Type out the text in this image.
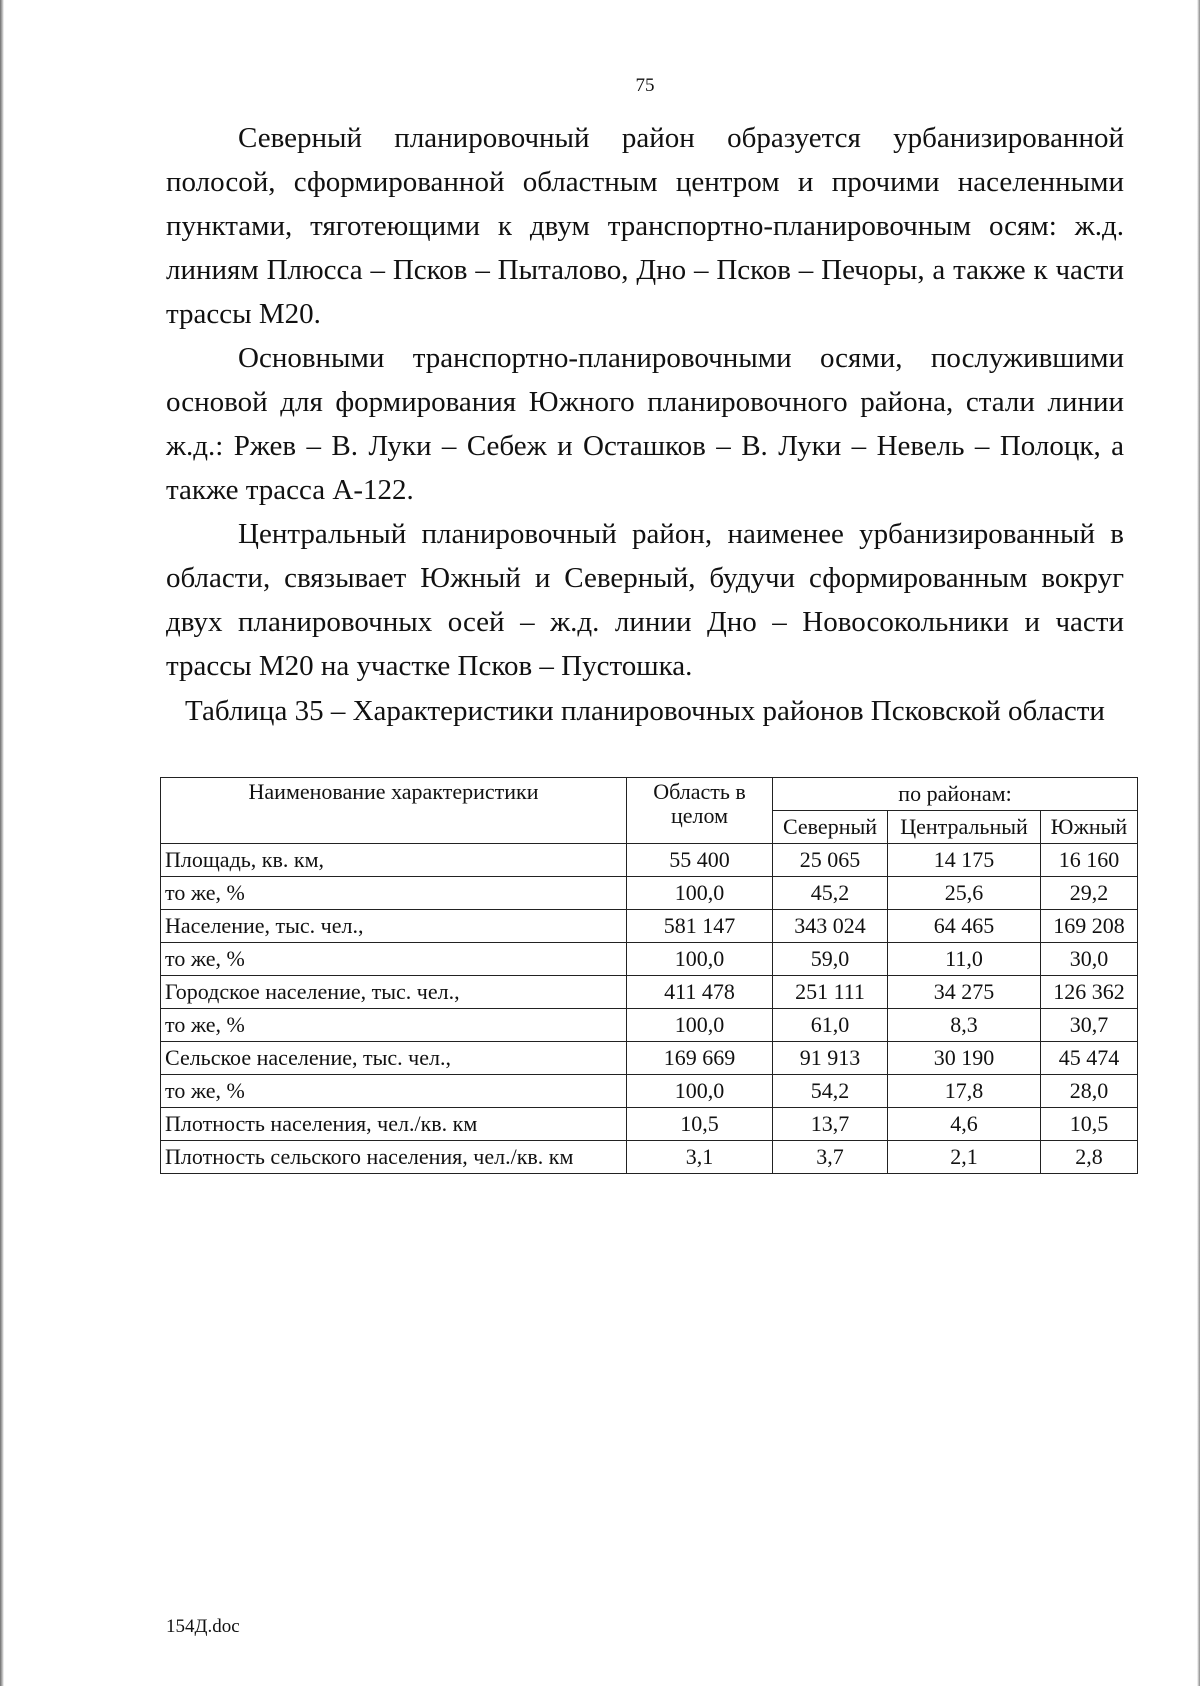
75

Северный планировочный район образуется урбанизированной полосой, сформированной областным центром и прочими населенными пунктами, тяготеющими к двум транспортно-планировочным осям: ж.д. линиям Плюсса – Псков – Пыталово, Дно – Псков – Печоры, а также к части трассы М20.

Основными транспортно-планировочными осями, послужившими основой для формирования Южного планировочного района, стали линии ж.д.: Ржев – В. Луки – Себеж и Осташков – В. Луки – Невель – Полоцк, а также трасса А-122.

Центральный планировочный район, наименее урбанизированный в области, связывает Южный и Северный, будучи сформированным вокруг двух планировочных осей – ж.д. линии Дно – Новосокольники и части трассы М20 на участке Псков – Пустошка.

Таблица 35 – Характеристики планировочных районов Псковской области
Наименование характеристики	Область в целом	по районам:		
		Северный	Центральный	Южный
Площадь, кв. км,	55 400	25 065	14 175	16 160
то же, %	100,0	45,2	25,6	29,2
Население, тыс. чел.,	581 147	343 024	64 465	169 208
то же, %	100,0	59,0	11,0	30,0
Городское население, тыс. чел.,	411 478	251 111	34 275	126 362
то же, %	100,0	61,0	8,3	30,7
Сельское население, тыс. чел.,	169 669	91 913	30 190	45 474
то же, %	100,0	54,2	17,8	28,0
Плотность населения, чел./кв. км	10,5	13,7	4,6	10,5
Плотность сельского населения, чел./кв. км	3,1	3,7	2,1	2,8
154Д.doc
